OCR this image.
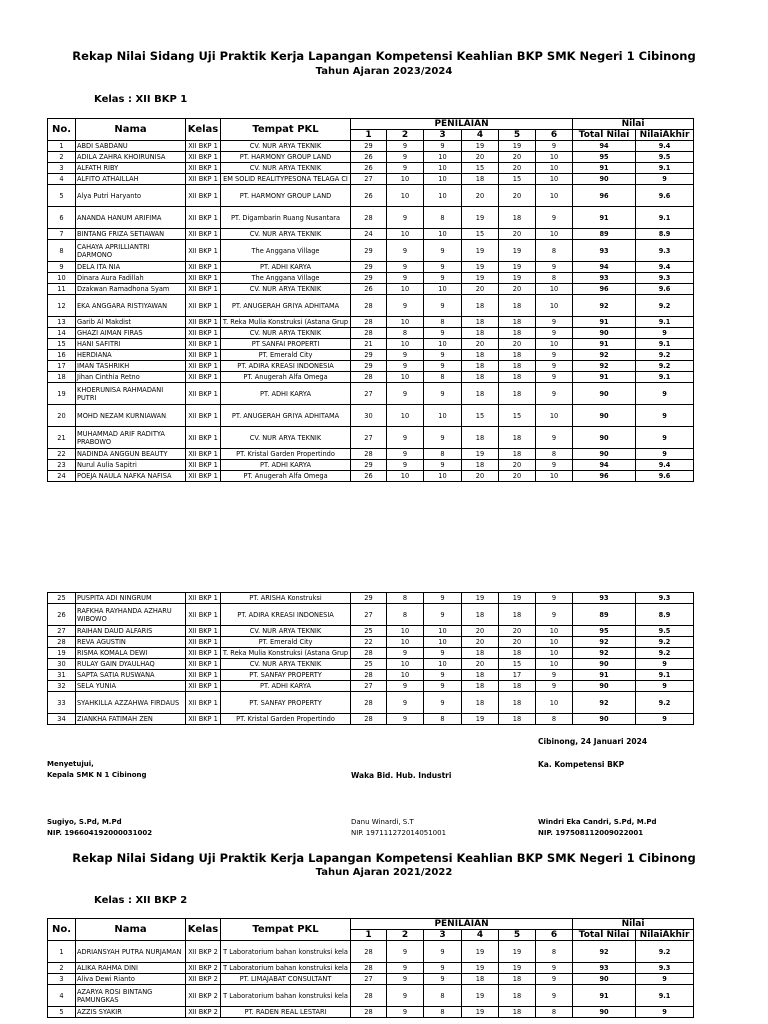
Rekap Nilai Sidang Uji Praktik Kerja Lapangan Kompetensi Keahlian BKP SMK Negeri 1 Cibinong
Tahun Ajaran 2023/2024
Kelas : XII BKP 1
No.	Nama	Kelas	Tempat PKL	PENILAIAN						Nilai	
				1	2	3	4	5	6	Total Nilai	NilaiAkhir
1	ABDI SABDANU	XII BKP 1	CV. NUR ARYA TEKNIK	29	9	9	19	19	9	94	9.4
2	ADILA ZAHRA KHOIRUNISA	XII BKP 1	PT. HARMONY GROUP LAND	26	9	10	20	20	10	95	9.5
3	ALFATH RIBY	XII BKP 1	CV. NUR ARYA TEKNIK	26	9	10	15	20	10	91	9.1
4	ALFITO ATHAILLAH	XII BKP 1	EM SOLID REALITYPESONA TELAGA CI	27	10	10	18	15	10	90	9
5	Alya Putri Haryanto	XII BKP 1	PT. HARMONY GROUP LAND	26	10	10	20	20	10	96	9.6
6	ANANDA HANUM ARIFIMA	XII BKP 1	PT. Digambarin Ruang Nusantara	28	9	8	19	18	9	91	9.1
7	BINTANG FRIZA SETIAWAN	XII BKP 1	CV. NUR ARYA TEKNIK	24	10	10	15	20	10	89	8.9
8	CAHAYA APRILLIANTRI DARMONO	XII BKP 1	The Anggana Village	29	9	9	19	19	8	93	9.3
9	DELA ITA NIA	XII BKP 1	PT. ADHI KARYA	29	9	9	19	19	9	94	9.4
10	Dinara Aura Fadillah	XII BKP 1	The Anggana Village	29	9	9	19	19	8	93	9.3
11	Dzakwan Ramadhona Syam	XII BKP 1	CV. NUR ARYA TEKNIK	26	10	10	20	20	10	96	9.6
12	EKA ANGGARA RISTIYAWAN	XII BKP 1	PT. ANUGERAH GRIYA ADHITAMA	28	9	9	18	18	10	92	9.2
13	Garib Al Makdist	XII BKP 1	T. Reka Mulia Konstruksi (Astana Grup	28	10	8	18	18	9	91	9.1
14	GHAZI AIMAN FIRAS	XII BKP 1	CV. NUR ARYA TEKNIK	28	8	9	18	18	9	90	9
15	HANI SAFITRI	XII BKP 1	PT SANFAI PROPERTI	21	10	10	20	20	10	91	9.1
16	HERDIANA	XII BKP 1	PT. Emerald City	29	9	9	18	18	9	92	9.2
17	IMAN TASHRIKH	XII BKP 1	PT. ADIRA KREASI INDONESIA	29	9	9	18	18	9	92	9.2
18	Jihan Cinthia Retno	XII BKP 1	PT. Anugerah Alfa Omega	28	10	8	18	18	9	91	9.1
19	KHOERUNISA RAHMADANI PUTRI	XII BKP 1	PT. ADHI KARYA	27	9	9	18	18	9	90	9
20	MOHD NEZAM KURNIAWAN	XII BKP 1	PT. ANUGERAH GRIYA ADHITAMA	30	10	10	15	15	10	90	9
21	MUHAMMAD ARIF RADITYA PRABOWO	XII BKP 1	CV. NUR ARYA TEKNIK	27	9	9	18	18	9	90	9
22	NADINDA ANGGUN BEAUTY	XII BKP 1	PT. Kristal Garden Propertindo	28	9	8	19	18	8	90	9
23	Nurul Aulia Sapitri	XII BKP 1	PT. ADHI KARYA	29	9	9	18	20	9	94	9.4
24	POEJA NAULA NAFKA NAFISA	XII BKP 1	PT. Anugerah Alfa Omega	26	10	10	20	20	10	96	9.6
25	PUSPITA ADI NINGRUM	XII BKP 1	PT. ARISHA Konstruksi	29	8	9	19	19	9	93	9.3
26	RAFKHA RAYHANDA AZHARU WIBOWO	XII BKP 1	PT. ADIRA KREASI INDONESIA	27	8	9	18	18	9	89	8.9
27	RAIHAN DAUD ALFARIS	XII BKP 1	CV. NUR ARYA TEKNIK	25	10	10	20	20	10	95	9.5
28	REVA AGUSTIN	XII BKP 1	PT. Emerald City	22	10	10	20	20	10	92	9.2
19	RISMA KOMALA DEWI	XII BKP 1	T. Reka Mulia Konstruksi (Astana Grup	28	9	9	18	18	10	92	9.2
30	RULAY GAIN DYAULHAQ	XII BKP 1	CV. NUR ARYA TEKNIK	25	10	10	20	15	10	90	9
31	SAPTA SATIA RUSWANA	XII BKP 1	PT. SANFAY PROPERTY	28	10	9	18	17	9	91	9.1
32	SELA YUNIA	XII BKP 1	PT. ADHI KARYA	27	9	9	18	18	9	90	9
33	SYAHKILLA AZZAHWA FIRDAUS	XII BKP 1	PT. SANFAY PROPERTY	28	9	9	18	18	10	92	9.2
34	ZIANKHA FATIMAH ZEN	XII BKP 1	PT. Kristal Garden Propertindo	28	9	8	19	18	8	90	9
Cibinong, 24 Januari 2024
Menyetujui,	Ka. Kompetensi BKP
Kepala SMK N 1 Cibinong	Waka Bid. Hub. Industri
Sugiyo, S.Pd, M.Pd
NIP. 196604192000031002
Danu Winardi, S.T
NIP. 197111272014051001
Windri Eka Candri, S.Pd, M.Pd
NIP. 197508112009022001
Rekap Nilai Sidang Uji Praktik Kerja Lapangan Kompetensi Keahlian BKP SMK Negeri 1 Cibinong
Tahun Ajaran 2021/2022
Kelas : XII BKP 2
No.	Nama	Kelas	Tempat PKL	PENILAIAN						Nilai	
				1	2	3	4	5	6	Total Nilai	NilaiAkhir
1	ADRIANSYAH PUTRA NURJAMAN	XII BKP 2	T Laboratorium bahan konstruksi kela	28	9	9	19	19	8	92	9.2
2	ALIKA RAHMA DINI	XII BKP 2	T Laboratorium bahan konstruksi kela	28	9	9	19	19	9	93	9.3
3	Aliva Dewi Rianto	XII BKP 2	PT. LIMAJABAT CONSULTANT	27	9	9	18	18	9	90	9
4	AZARYA ROSI BINTANG PAMUNGKAS	XII BKP 2	T Laboratorium bahan konstruksi kela	28	9	8	19	18	9	91	9.1
5	AZZIS SYAKIR	XII BKP 2	PT. RADEN REAL LESTARI	28	9	8	19	18	8	90	9
